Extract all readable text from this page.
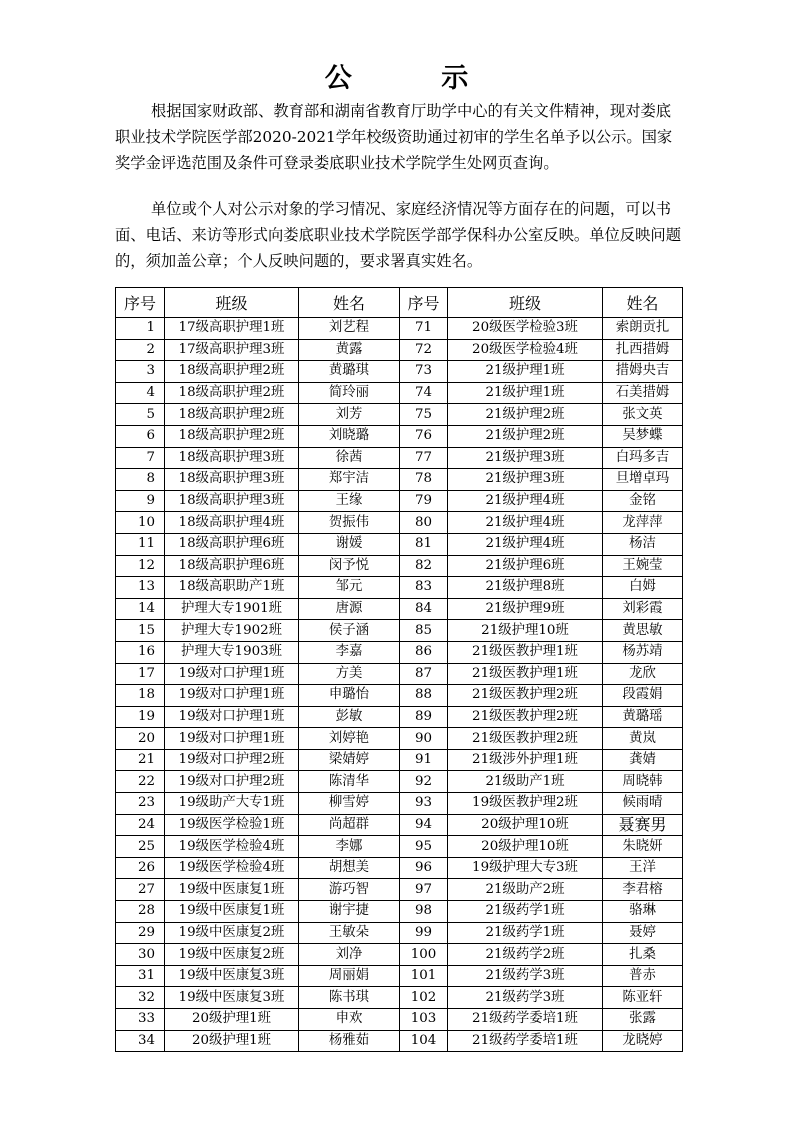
公 示

根据国家财政部、教育部和湖南省教育厅助学中心的有关文件精神，现对娄底职业技术学院医学部2020-2021学年校级资助通过初审的学生名单予以公示。国家奖学金评选范围及条件可登录娄底职业技术学院学生处网页查询。

单位或个人对公示对象的学习情况、家庭经济情况等方面存在的问题，可以书面、电话、来访等形式向娄底职业技术学院医学部学保科办公室反映。单位反映问题的，须加盖公章；个人反映问题的，要求署真实姓名。

序号	班级	姓名	序号	班级	姓名
1	17级高职护理1班	刘艺程	71	20级医学检验3班	索朗贡扎
2	17级高职护理3班	黄露	72	20级医学检验4班	扎西措姆
3	18级高职护理2班	黄璐琪	73	21级护理1班	措姆央吉
4	18级高职护理2班	简玲丽	74	21级护理1班	石美措姆
5	18级高职护理2班	刘芳	75	21级护理2班	张文英
6	18级高职护理2班	刘晓璐	76	21级护理2班	吴梦蝶
7	18级高职护理3班	徐茜	77	21级护理3班	白玛多吉
8	18级高职护理3班	郑宇洁	78	21级护理3班	旦增卓玛
9	18级高职护理3班	王缘	79	21级护理4班	金铭
10	18级高职护理4班	贺振伟	80	21级护理4班	龙萍萍
11	18级高职护理6班	谢媛	81	21级护理4班	杨洁
12	18级高职护理6班	闵予悦	82	21级护理6班	王婉莹
13	18级高职助产1班	邹元	83	21级护理8班	白姆
14	护理大专1901班	唐源	84	21级护理9班	刘彩霞
15	护理大专1902班	侯子涵	85	21级护理10班	黄思敏
16	护理大专1903班	李嘉	86	21级医教护理1班	杨苏靖
17	19级对口护理1班	方美	87	21级医教护理1班	龙欣
18	19级对口护理1班	申璐怡	88	21级医教护理2班	段霞娟
19	19级对口护理1班	彭敏	89	21级医教护理2班	黄璐瑶
20	19级对口护理1班	刘婷艳	90	21级医教护理2班	黄岚
21	19级对口护理2班	梁婧婷	91	21级涉外护理1班	龚婧
22	19级对口护理2班	陈清华	92	21级助产1班	周晓韩
23	19级助产大专1班	柳雪婷	93	19级医教护理2班	候雨晴
24	19级医学检验1班	尚超群	94	20级护理10班	聂赛男
25	19级医学检验4班	李娜	95	20级护理10班	朱晓妍
26	19级医学检验4班	胡想美	96	19级护理大专3班	王洋
27	19级中医康复1班	游巧智	97	21级助产2班	李君榕
28	19级中医康复1班	谢宇捷	98	21级药学1班	骆琳
29	19级中医康复2班	王敏朵	99	21级药学1班	聂婷
30	19级中医康复2班	刘净	100	21级药学2班	扎桑
31	19级中医康复3班	周丽娟	101	21级药学3班	普赤
32	19级中医康复3班	陈书琪	102	21级药学3班	陈亚轩
33	20级护理1班	申欢	103	21级药学委培1班	张露
34	20级护理1班	杨雅茹	104	21级药学委培1班	龙晓婷
